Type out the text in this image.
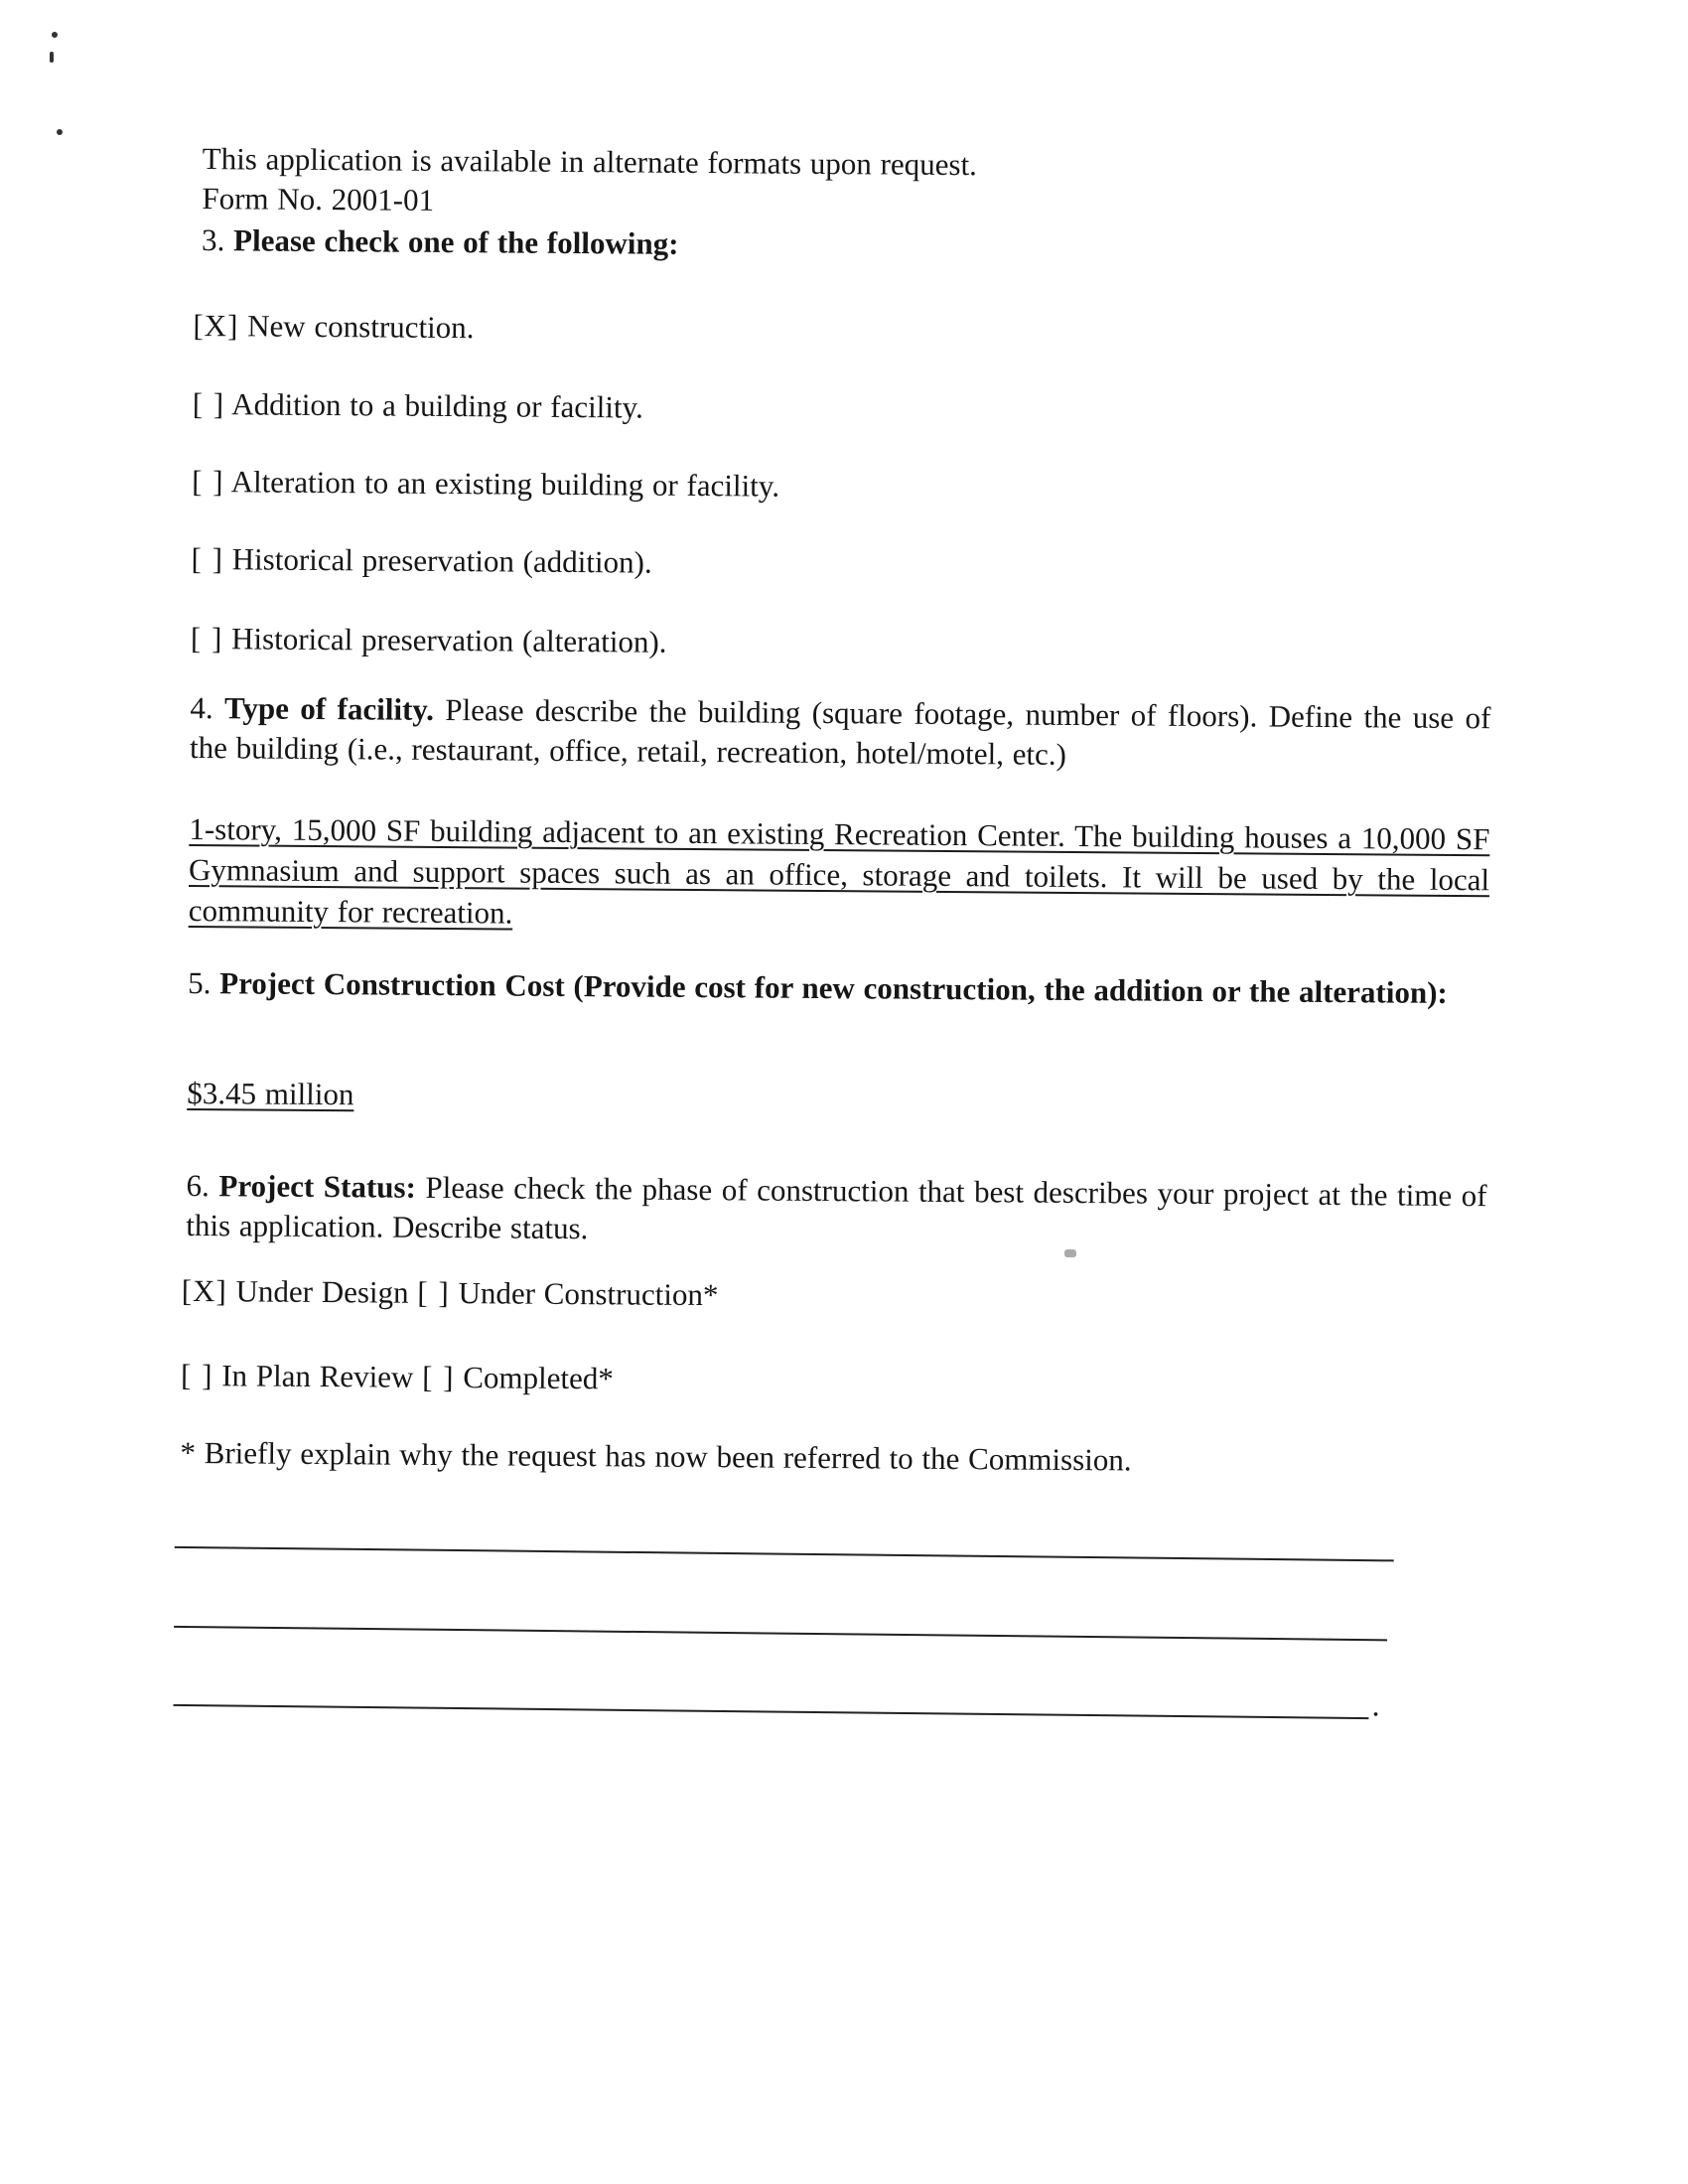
This application is available in alternate formats upon request.
Form No. 2001-01
3. Please check one of the following:
[X] New construction.
[ ] Addition to a building or facility.
[ ] Alteration to an existing building or facility.
[ ] Historical preservation (addition).
[ ] Historical preservation (alteration).
4. Type of facility. Please describe the building (square footage, number of floors). Define the use of the building (i.e., restaurant, office, retail, recreation, hotel/motel, etc.)
1-story, 15,000 SF building adjacent to an existing Recreation Center. The building houses a 10,000 SF Gymnasium and support spaces such as an office, storage and toilets. It will be used by the local community for recreation.
5. Project Construction Cost (Provide cost for new construction, the addition or the alteration):
$3.45 million
6. Project Status: Please check the phase of construction that best describes your project at the time of this application. Describe status.
[X] Under Design [ ] Under Construction*
[ ] In Plan Review [ ] Completed*
* Briefly explain why the request has now been referred to the Commission.
.
